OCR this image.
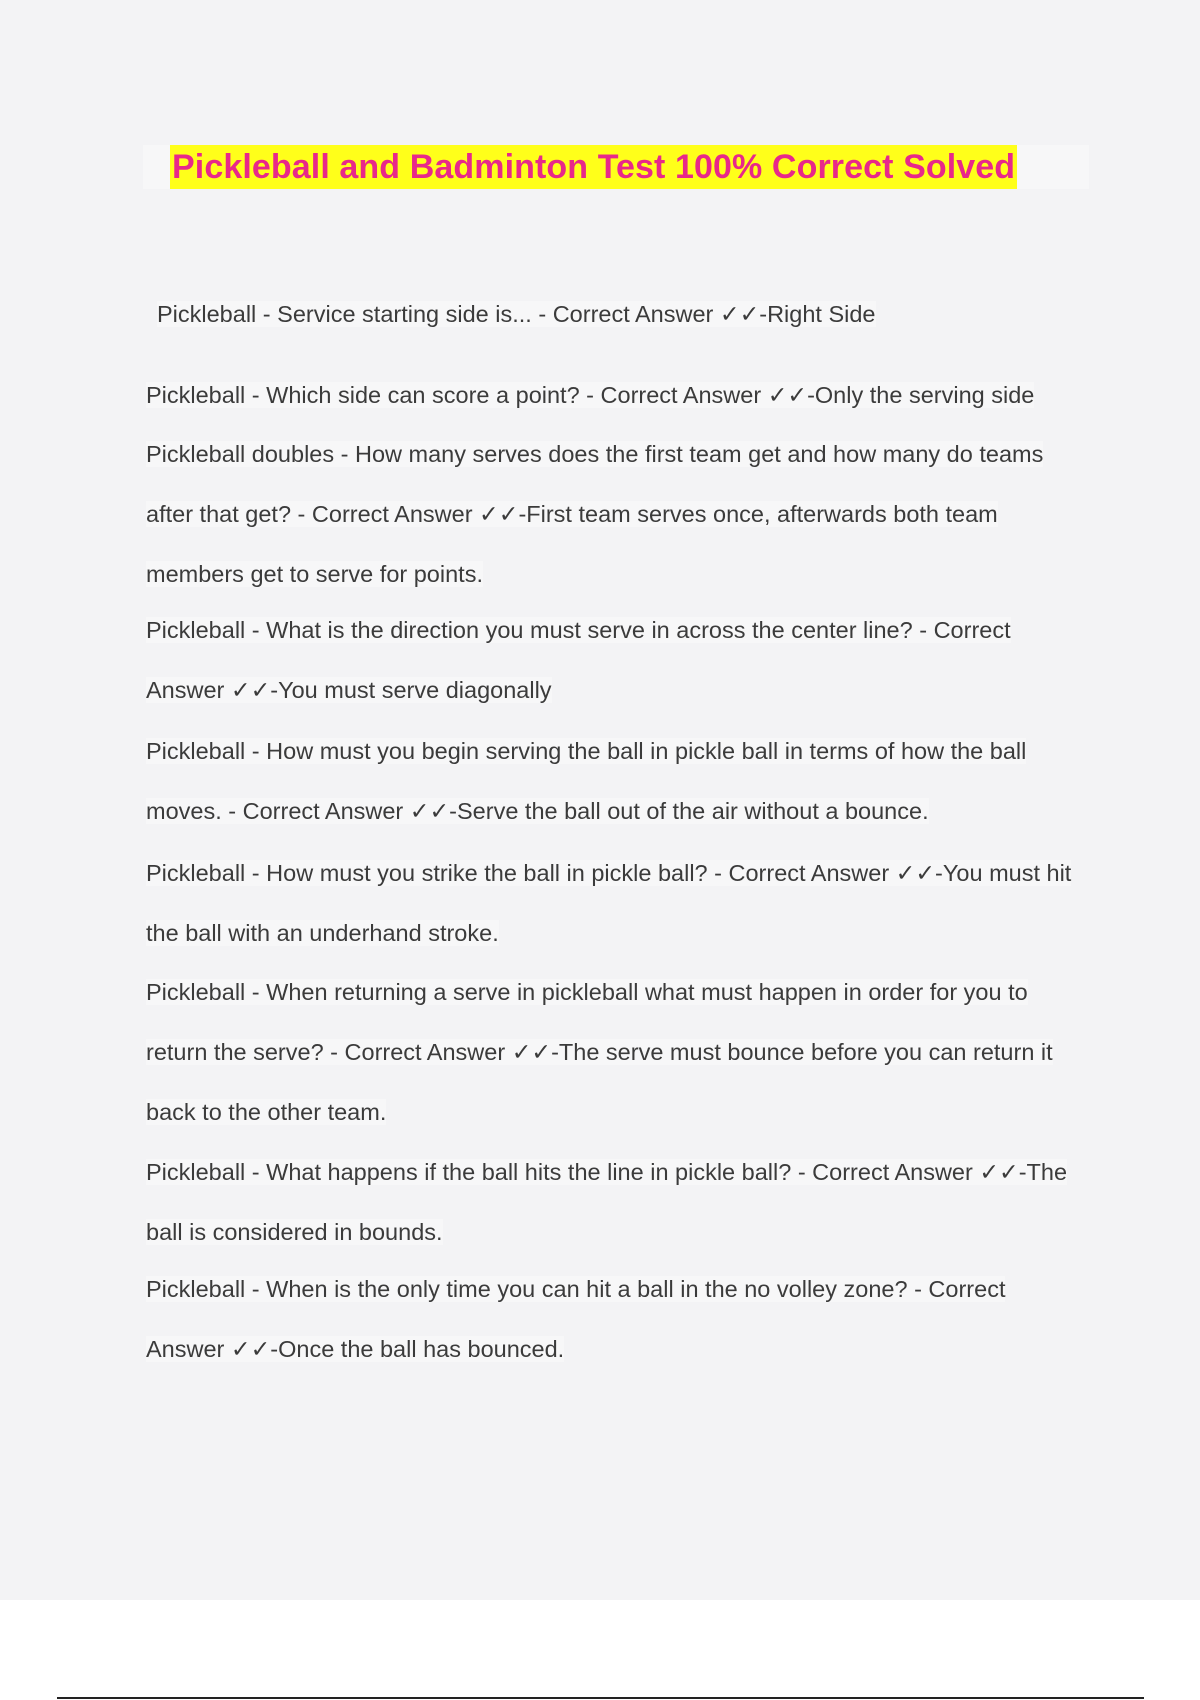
Pickleball and Badminton Test 100% Correct Solved

Pickleball - Service starting side is... - Correct Answer ✓✓-Right Side

Pickleball - Which side can score a point? - Correct Answer ✓✓-Only the serving side

Pickleball doubles - How many serves does the first team get and how many do teams after that get? - Correct Answer ✓✓-First team serves once, afterwards both team members get to serve for points.

Pickleball - What is the direction you must serve in across the center line? - Correct Answer ✓✓-You must serve diagonally

Pickleball - How must you begin serving the ball in pickle ball in terms of how the ball moves. - Correct Answer ✓✓-Serve the ball out of the air without a bounce.

Pickleball - How must you strike the ball in pickle ball? - Correct Answer ✓✓-You must hit the ball with an underhand stroke.

Pickleball - When returning a serve in pickleball what must happen in order for you to return the serve? - Correct Answer ✓✓-The serve must bounce before you can return it back to the other team.

Pickleball - What happens if the ball hits the line in pickle ball? - Correct Answer ✓✓-The ball is considered in bounds.

Pickleball - When is the only time you can hit a ball in the no volley zone? - Correct Answer ✓✓-Once the ball has bounced.
